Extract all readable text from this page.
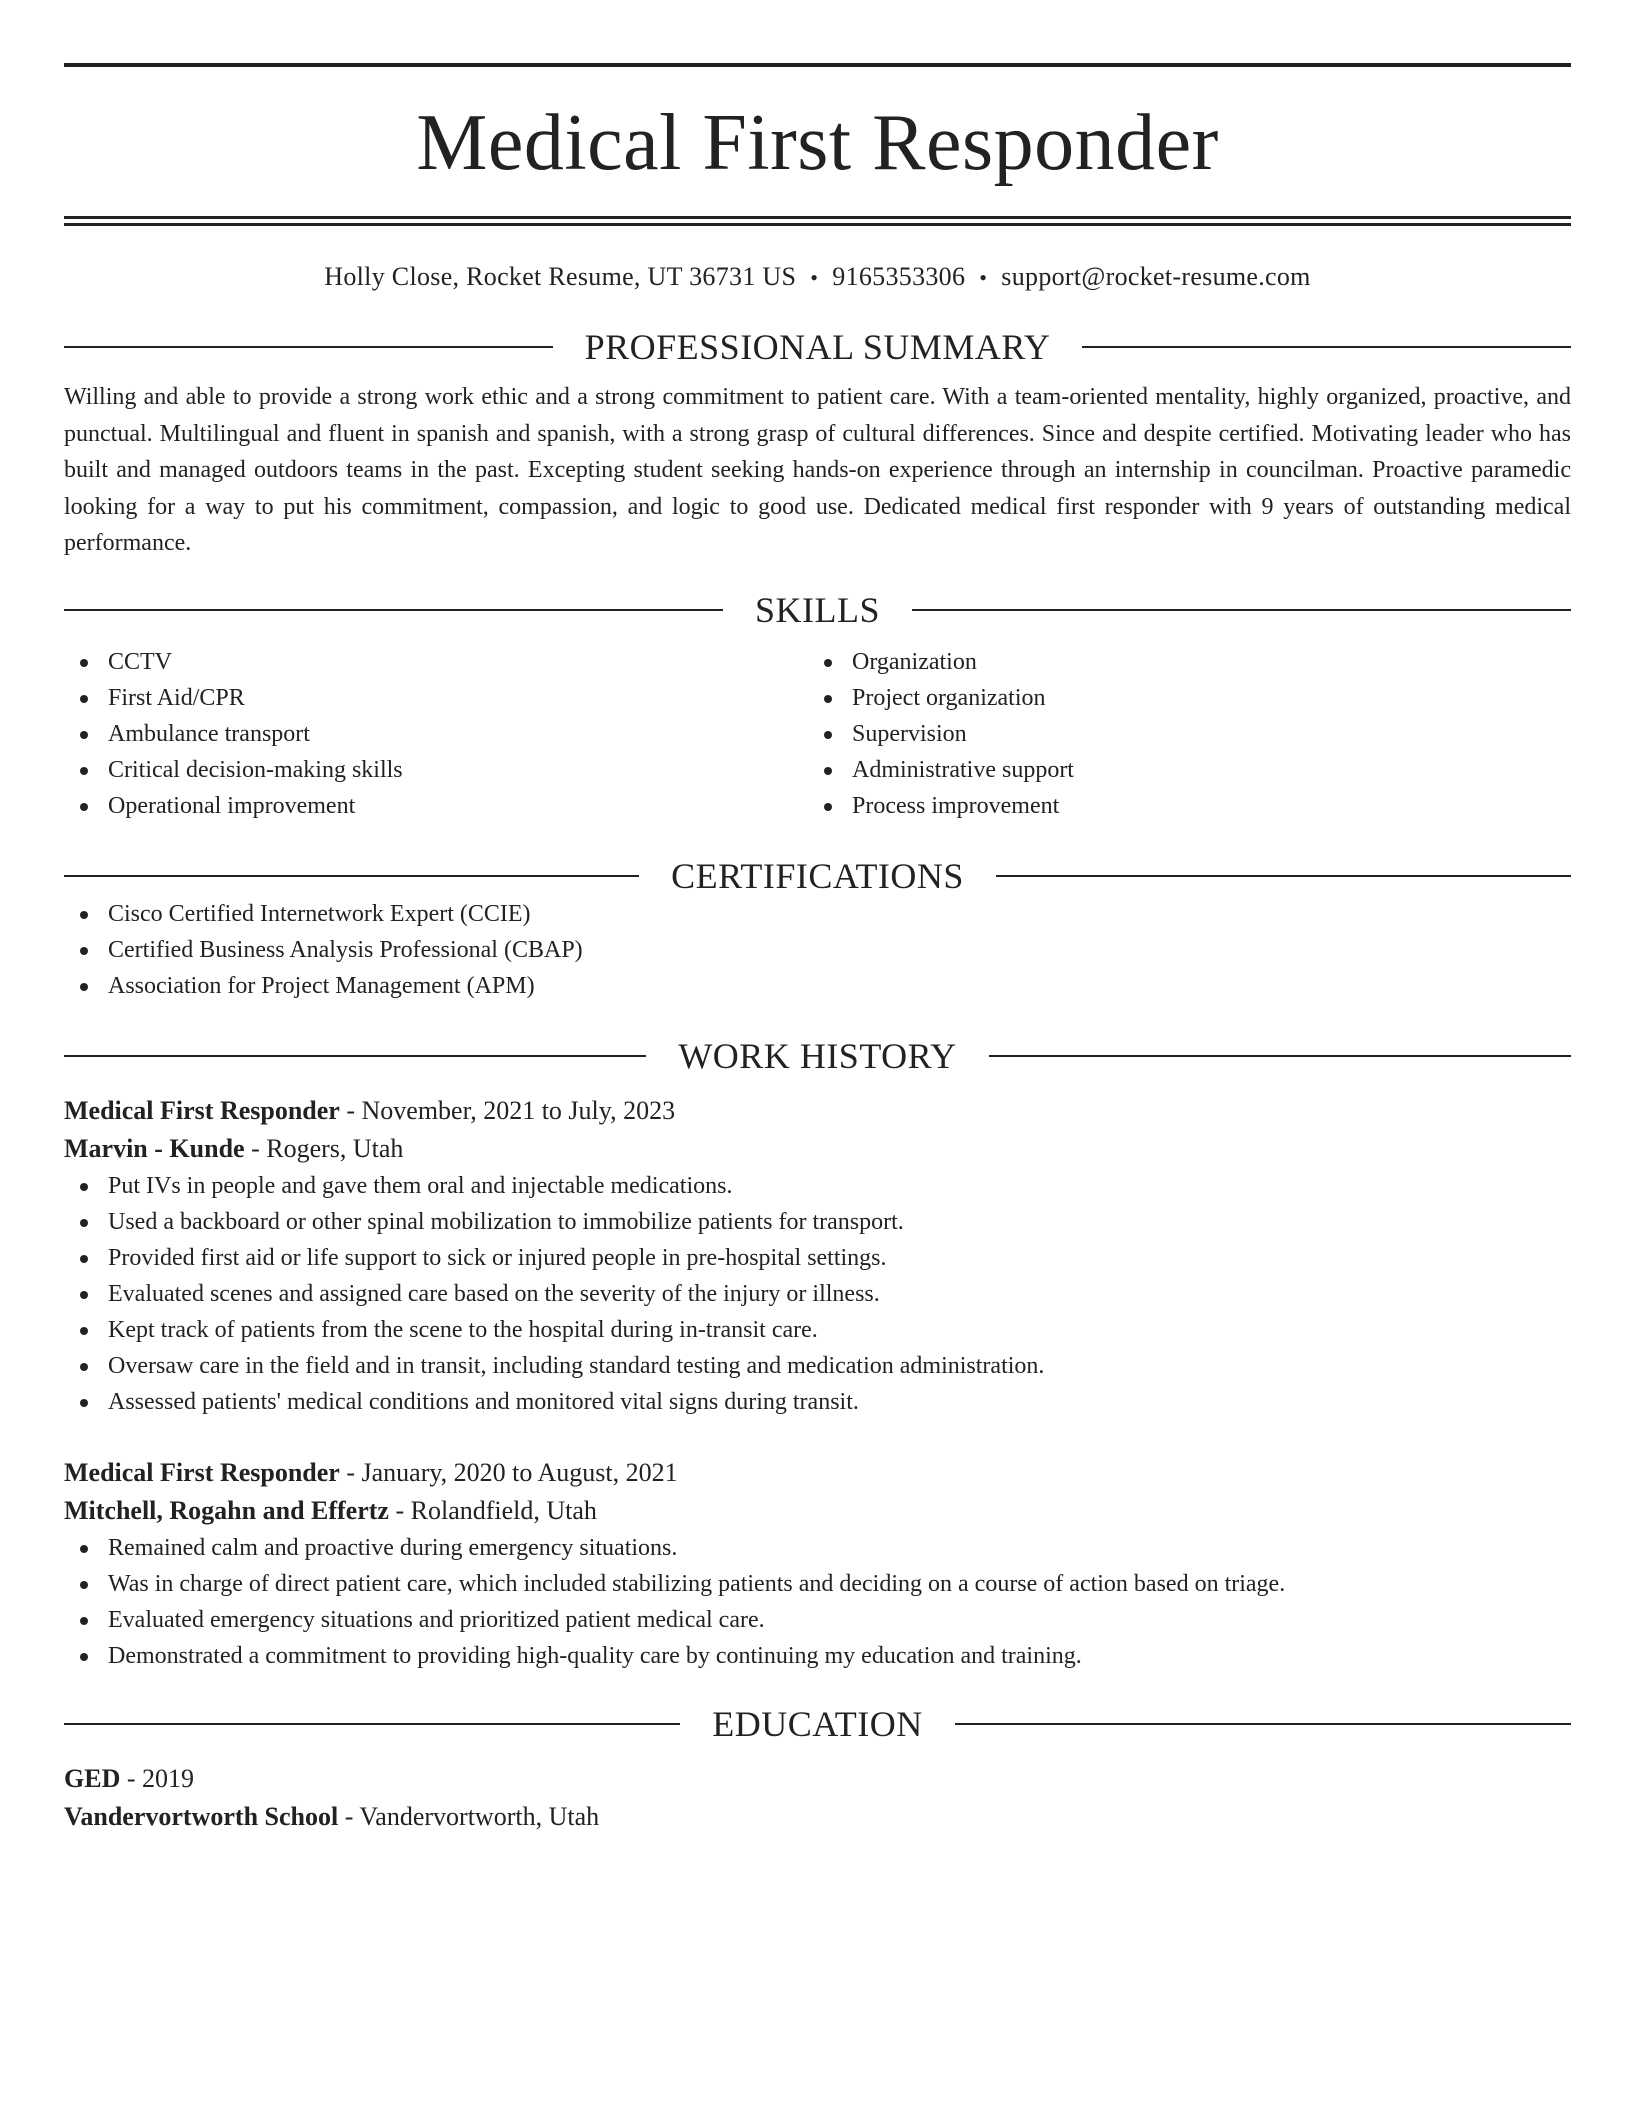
Medical First Responder
Holly Close, Rocket Resume, UT 36731 US • 9165353306 • support@rocket-resume.com
PROFESSIONAL SUMMARY
Willing and able to provide a strong work ethic and a strong commitment to patient care. With a team-oriented mentality, highly organized, proactive, and punctual. Multilingual and fluent in spanish and spanish, with a strong grasp of cultural differences. Since and despite certified. Motivating leader who has built and managed outdoors teams in the past. Excepting student seeking hands-on experience through an internship in councilman. Proactive paramedic looking for a way to put his commitment, compassion, and logic to good use. Dedicated medical first responder with 9 years of outstanding medical performance.
SKILLS
CCTV
First Aid/CPR
Ambulance transport
Critical decision-making skills
Operational improvement
Organization
Project organization
Supervision
Administrative support
Process improvement
CERTIFICATIONS
Cisco Certified Internetwork Expert (CCIE)
Certified Business Analysis Professional (CBAP)
Association for Project Management (APM)
WORK HISTORY
Medical First Responder - November, 2021 to July, 2023
Marvin - Kunde - Rogers, Utah
Put IVs in people and gave them oral and injectable medications.
Used a backboard or other spinal mobilization to immobilize patients for transport.
Provided first aid or life support to sick or injured people in pre-hospital settings.
Evaluated scenes and assigned care based on the severity of the injury or illness.
Kept track of patients from the scene to the hospital during in-transit care.
Oversaw care in the field and in transit, including standard testing and medication administration.
Assessed patients' medical conditions and monitored vital signs during transit.
Medical First Responder - January, 2020 to August, 2021
Mitchell, Rogahn and Effertz - Rolandfield, Utah
Remained calm and proactive during emergency situations.
Was in charge of direct patient care, which included stabilizing patients and deciding on a course of action based on triage.
Evaluated emergency situations and prioritized patient medical care.
Demonstrated a commitment to providing high-quality care by continuing my education and training.
EDUCATION
GED - 2019
Vandervortworth School - Vandervortworth, Utah
